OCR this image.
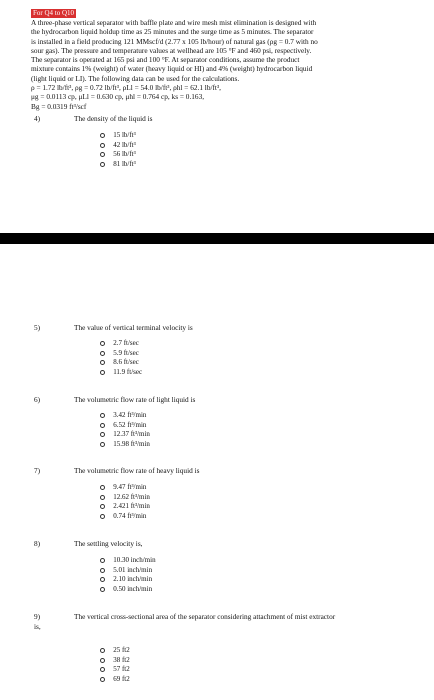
For Q4 to Q10

A three-phase vertical separator with baffle plate and wire mesh mist elimination is designed with

the hydrocarbon liquid holdup time as 25 minutes and the surge time as 5 minutes. The separator

is installed in a field producing 121 MMscf/d (2.77 x 105 lb/hour) of natural gas (ρg = 0.7 with no

sour gas). The pressure and temperature values at wellhead are 105 °F and 460 psi, respectively.

The separator is operated at 165 psi and 100 °F. At separator conditions, assume the product

mixture contains 1% (weight) of water (heavy liquid or HI) and 4% (weight) hydrocarbon liquid

(light liquid or LI). The following data can be used for the calculations.

ρ = 1.72 lb/ft³, ρg = 0.72 lb/ft³, ρLl = 54.0 lb/ft³, ρhl = 62.1 lb/ft³,

μg = 0.0113 cp, μLl = 0.630 cp, μhl = 0.764 cp, ks = 0.163,

Bg = 0.0319 ft³/scf

4)	The density of the liquid is
15 lb/ft³
42 lb/ft³
56 lb/ft³
81 lb/ft³
5)	The value of vertical terminal velocity is
2.7 ft/sec
5.9 ft/sec
8.6 ft/sec
11.9 ft/sec
6)	The volumetric flow rate of light liquid is
3.42 ft³/min
6.52 ft³/min
12.37 ft³/min
15.98 ft³/min
7)	The volumetric flow rate of heavy liquid is
9.47 ft³/min
12.62 ft³/min
2.421 ft³/min
0.74 ft³/min
8)	The settling velocity is,
10.30 inch/min
5.01 inch/min
2.10 inch/min
0.50 inch/min
9)	The vertical cross-sectional area of the separator considering attachment of mist extractor
is,
25 ft2
38 ft2
57 ft2
69 ft2
